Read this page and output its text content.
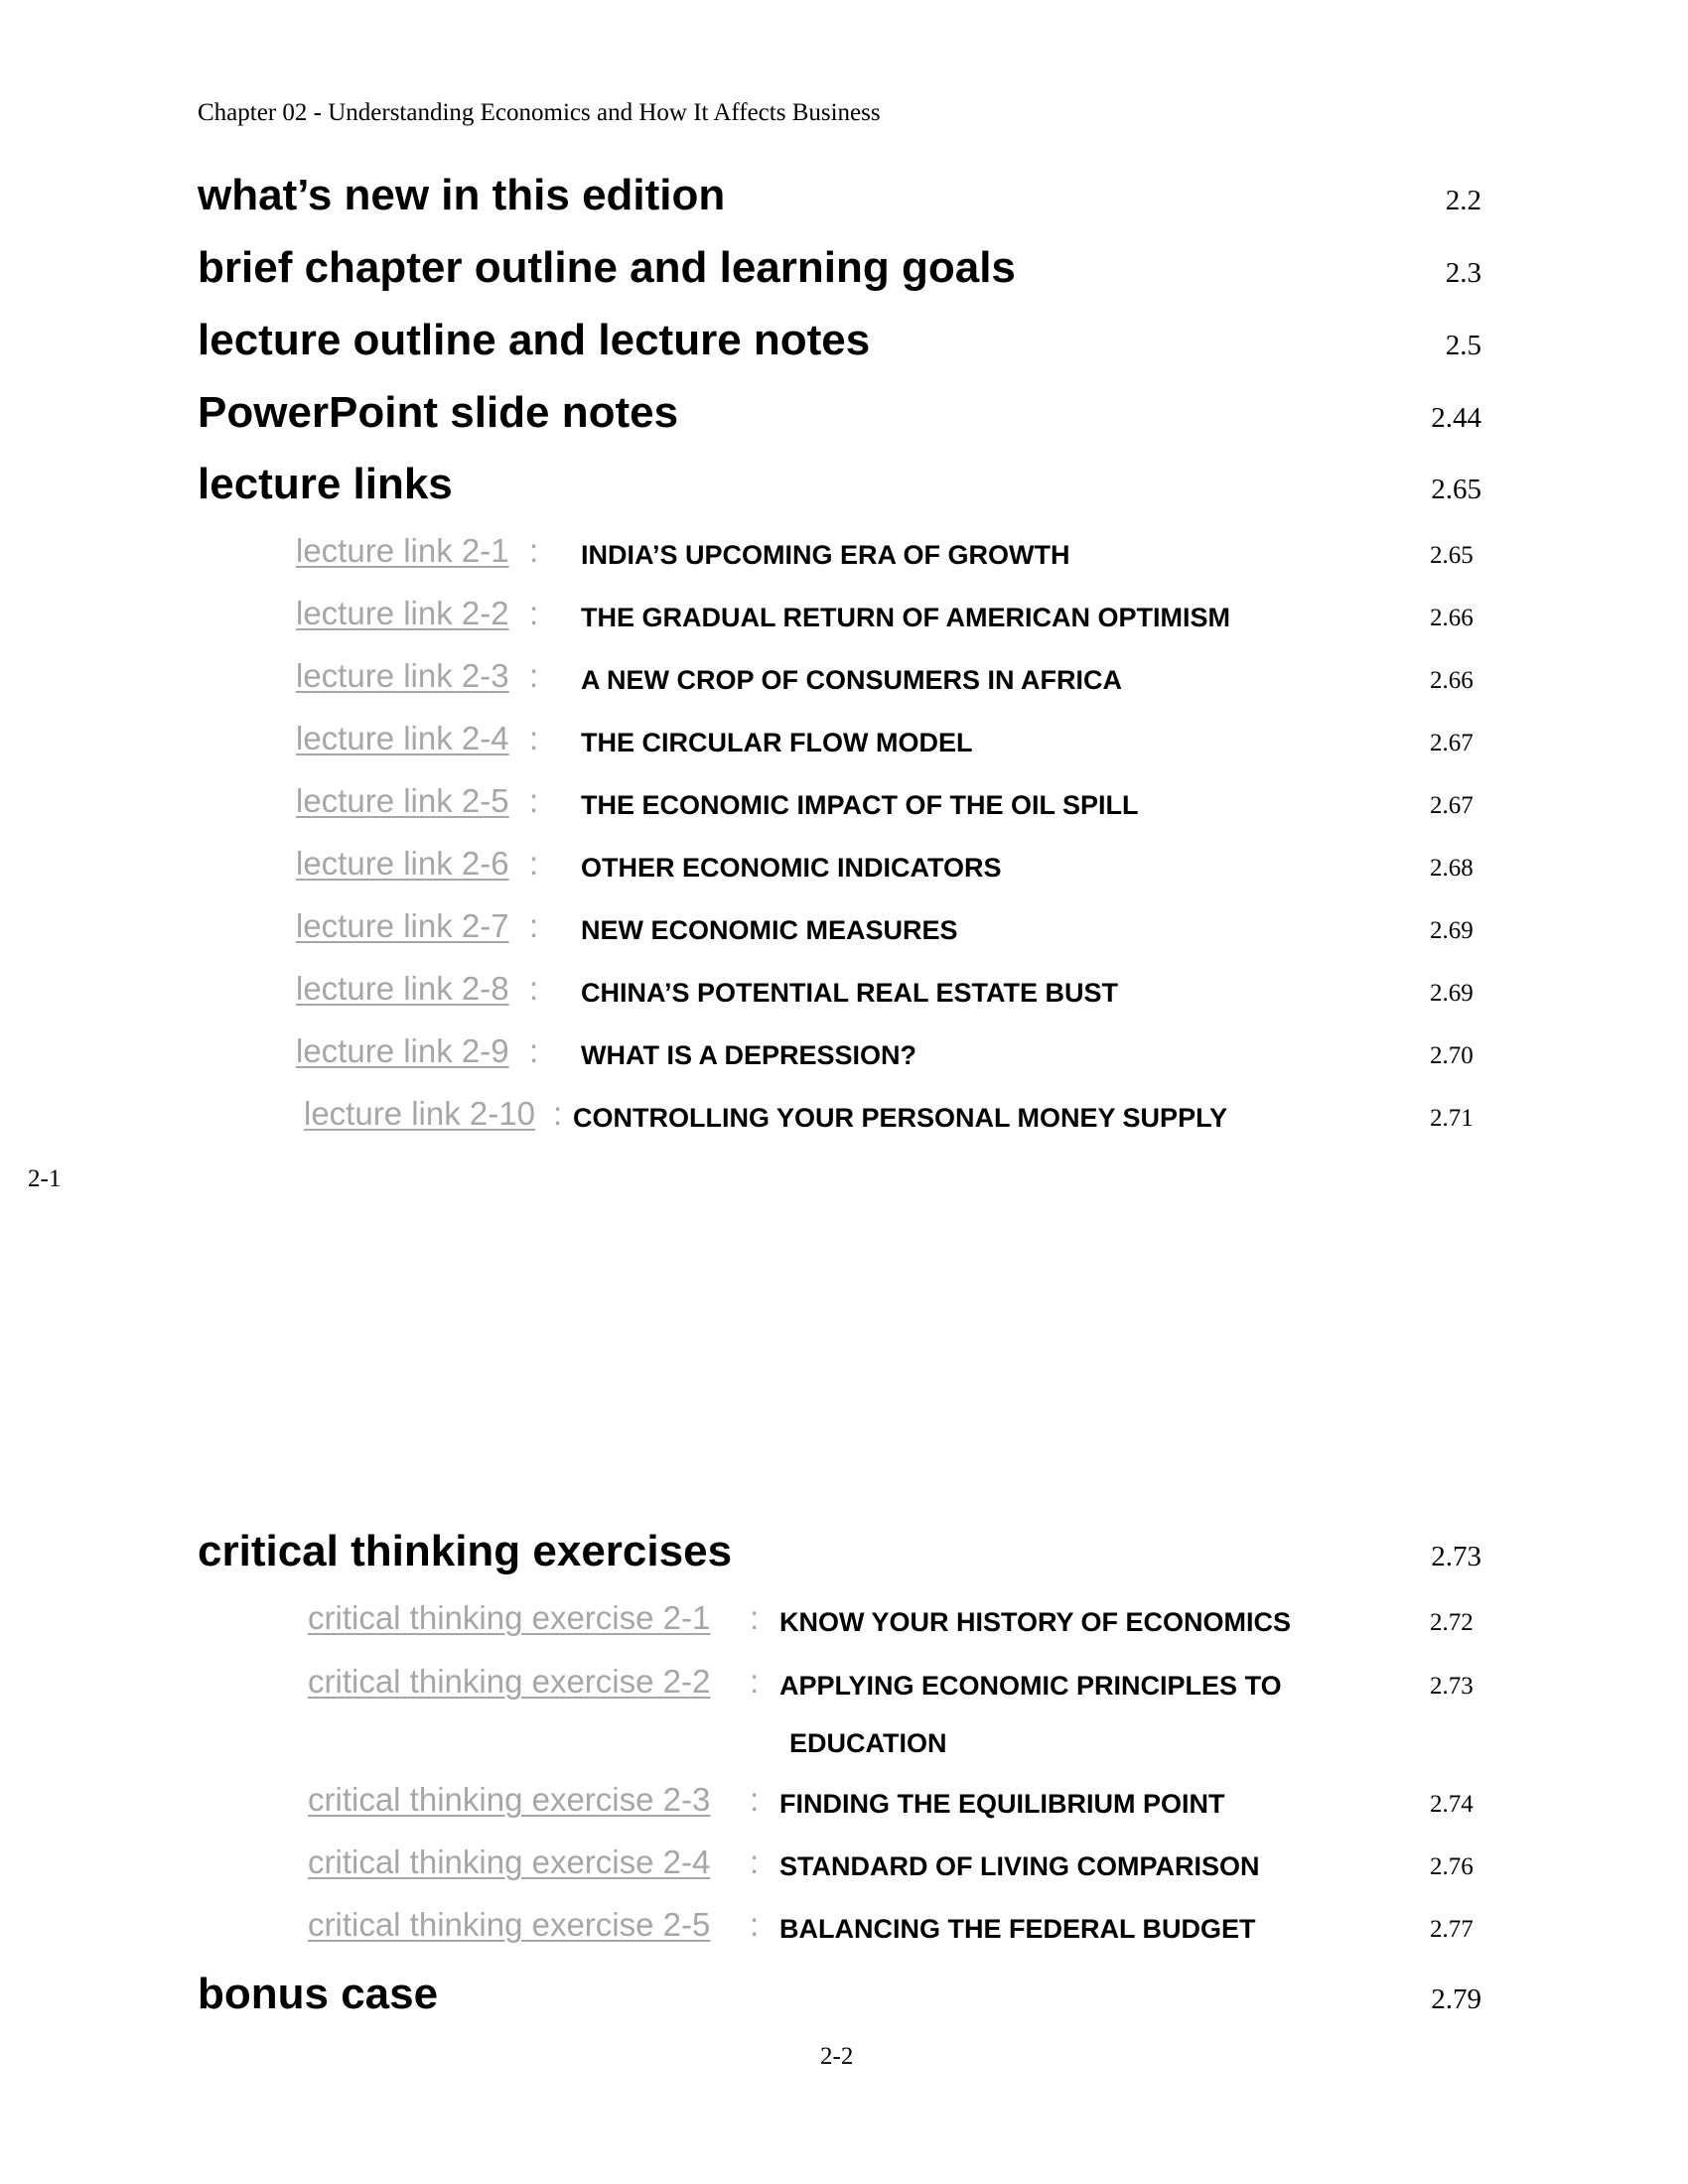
Chapter 02 - Understanding Economics and How It Affects Business
what’s new in this edition	2.2
brief chapter outline and learning goals	2.3
lecture outline and lecture notes	2.5
PowerPoint slide notes	2.44
lecture links	2.65
lecture link 2-1 : INDIA’S UPCOMING ERA OF GROWTH	2.65
lecture link 2-2 : THE GRADUAL RETURN OF AMERICAN OPTIMISM	2.66
lecture link 2-3 : A NEW CROP OF CONSUMERS IN AFRICA	2.66
lecture link 2-4 : THE CIRCULAR FLOW MODEL	2.67
lecture link 2-5 : THE ECONOMIC IMPACT OF THE OIL SPILL	2.67
lecture link 2-6 : OTHER ECONOMIC INDICATORS	2.68
lecture link 2-7 : NEW ECONOMIC MEASURES	2.69
lecture link 2-8 : CHINA’S POTENTIAL REAL ESTATE BUST	2.69
lecture link 2-9 : WHAT IS A DEPRESSION?	2.70
lecture link 2-10 : CONTROLLING YOUR PERSONAL MONEY SUPPLY	2.71
2-1
critical thinking exercises	2.73
critical thinking exercise 2-1 : KNOW YOUR HISTORY OF ECONOMICS	2.72
critical thinking exercise 2-2 : APPLYING ECONOMIC PRINCIPLES TO	2.73
EDUCATION
critical thinking exercise 2-3 : FINDING THE EQUILIBRIUM POINT	2.74
critical thinking exercise 2-4 : STANDARD OF LIVING COMPARISON	2.76
critical thinking exercise 2-5 : BALANCING THE FEDERAL BUDGET	2.77
bonus case	2.79
2-2
